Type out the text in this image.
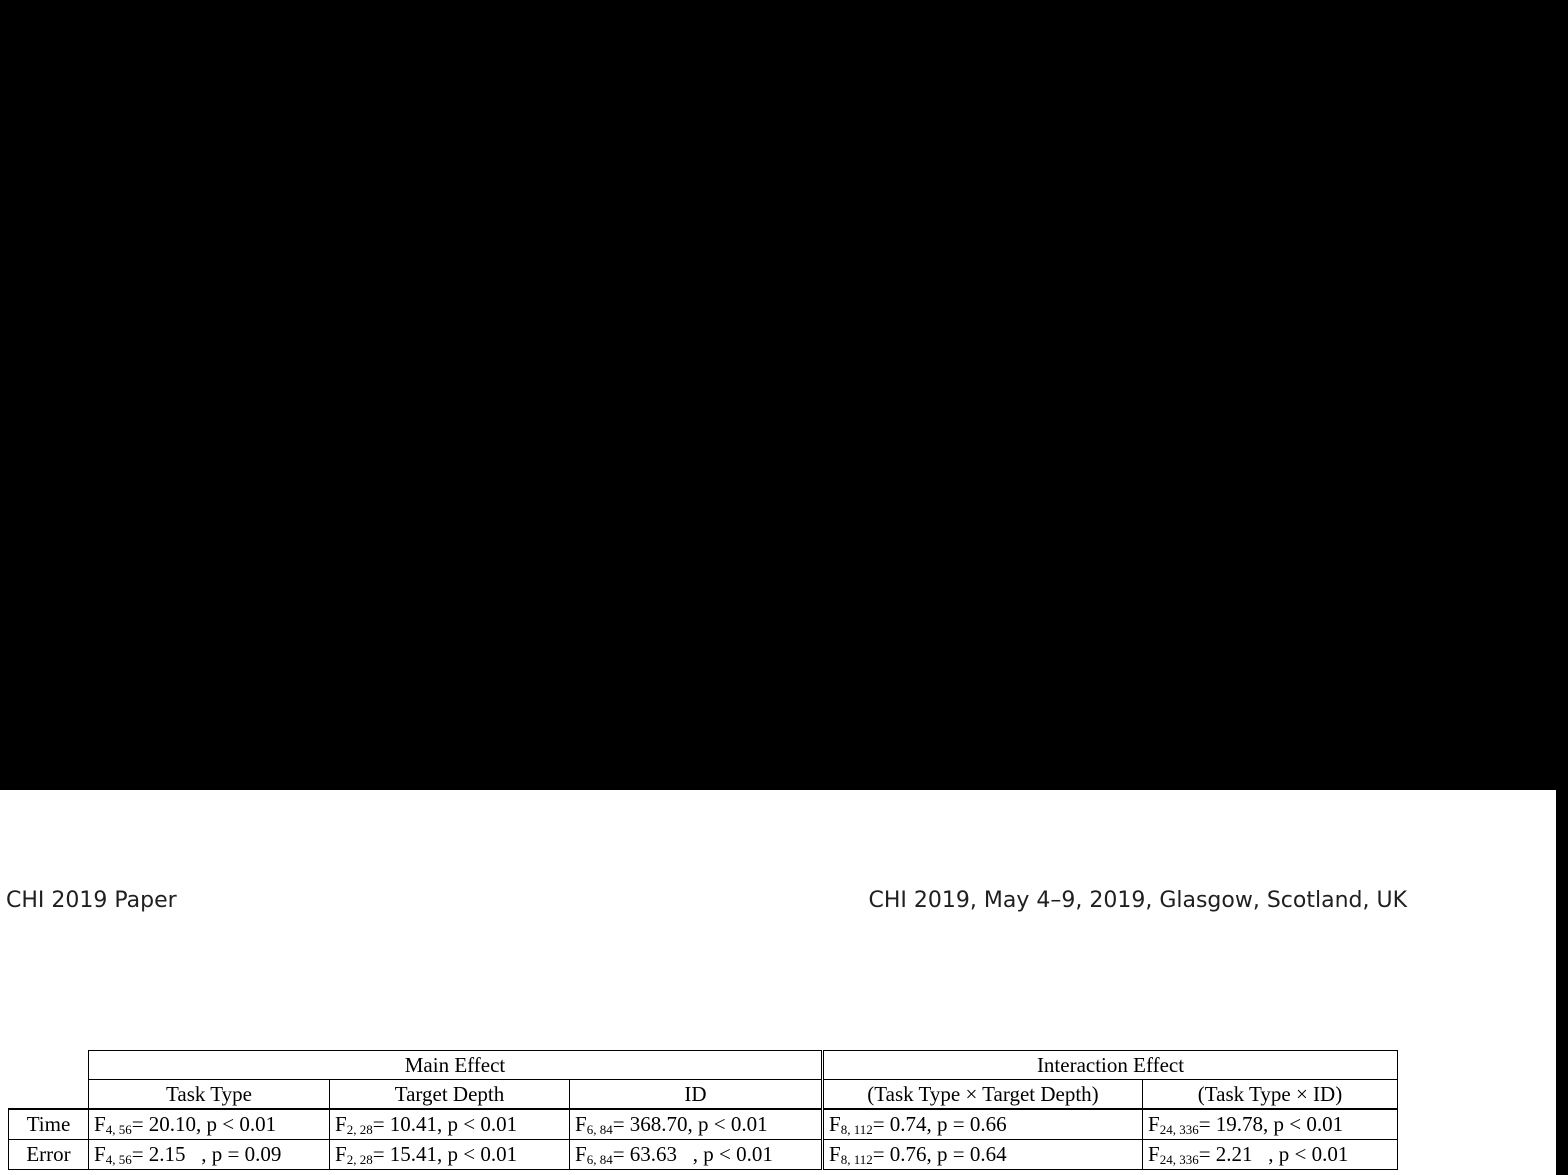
CHI 2019 Paper	CHI 2019, May 4–9, 2019, Glasgow, Scotland, UK
	Main Effect			Interaction Effect	
	Task Type	Target Depth	ID	(Task Type × Target Depth)	(Task Type × ID)
Time	$F_{4, 56}= 20.10$, p < 0.01	$F_{2, 28}= 10.41$, p < 0.01	$F_{6, 84}= 368.70$, p < 0.01	$F_{8, 112}= 0.74$, p = 0.66	$F_{24, 336}= 19.78$, p < 0.01
Error	$F_{4, 56}= 2.15$   , p = 0.09	$F_{2, 28}= 15.41$, p < 0.01	$F_{6, 84}= 63.63$   , p < 0.01	$F_{8, 112}= 0.76$, p = 0.64	$F_{24, 336}= 2.21$   , p < 0.01
